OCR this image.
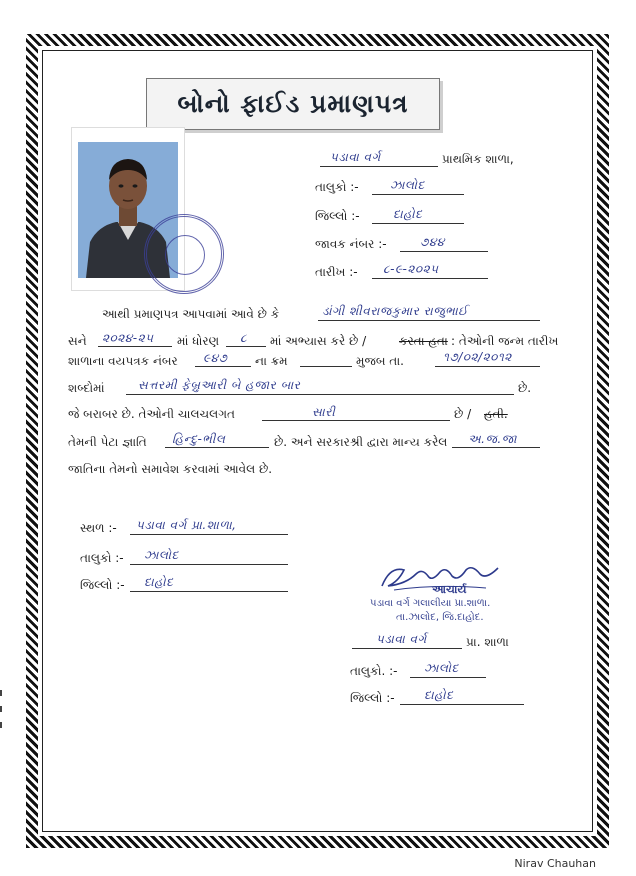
બોનો ફાઈડ પ્રમાણપત્ર
પડાવા વર્ગ	પ્રાથમિક શાળા,
તાલુકો :-	ઝાલોદ
જિલ્લો :-	દાહોદ
જાવક નંબર :-	૭૪૪
તારીખ :- ૮-૯-૨૦૨૫
આથી પ્રમાણપત્ર આપવામાં આવે છે કે	ડાંગી શીવરાજકુમાર રાજુભાઈ
સને ૨૦૨૪-૨૫ માં ધોરણ ૮ માં અભ્યાસ કરે છે /	કરતા હતા : તેઓની જન્મ તારીખ
શાળાના વયપત્રક નંબર ૯૪૭ ના ક્રમ	મુજબ તા.	૧૭/૦૨/૨૦૧૨
શબ્દોમાં	સત્તરમી ફેબ્રુઆરી બે હજાર બાર	છે.
જે બરાબર છે. તેઓની ચાલચલગત	સારી	છે / હતી.
તેમની પેટા જ્ઞાતિ હિન્દુ-ભીલ	છે. અને સરકારશ્રી દ્વારા માન્ય કરેલ અ.જ.જા
જાતિના તેમનો સમાવેશ કરવામાં આવેલ છે.
સ્થળ :- પડાવા વર્ગ પ્રા.શાળા,
તાલુકો :- ઝાલોદ
જિલ્લો :- દાહોદ
આચાર્ય
પડાવા વર્ગ ગલાલીયા પ્રા.શાળા.
તા.ઝાલોદ, જિ.દાહોદ.
પડાવા વર્ગ	પ્રા. શાળા
તાલુકો. :- ઝાલોદ
જિલ્લો :- દાહોદ
Nirav Chauhan
